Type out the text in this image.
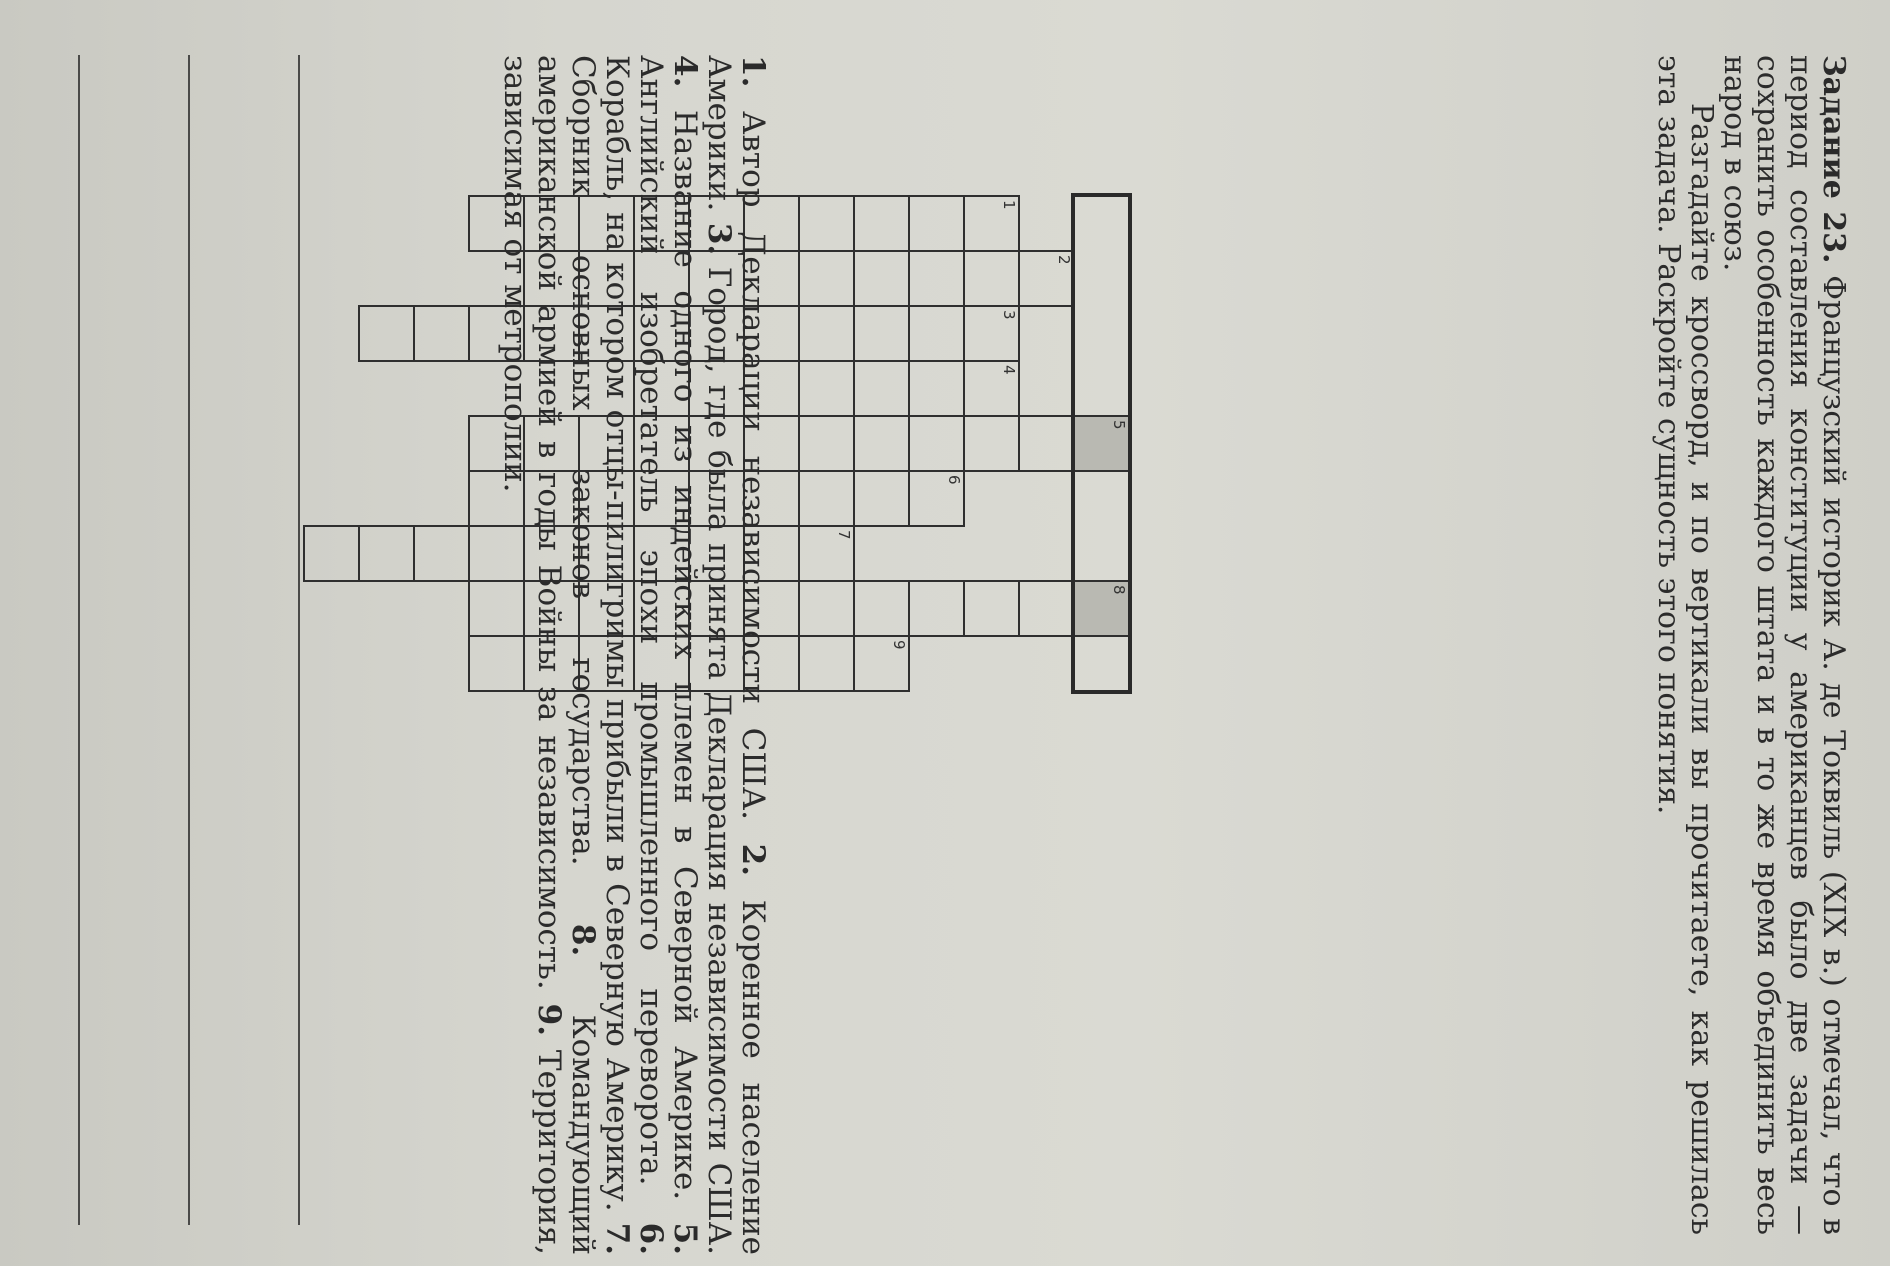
Задание 23. Французский историк А. де Токвиль (XIX в.) отмечал, что в период составления конституции у американцев было две задачи — сохранить особенность каждого штата и в то же время объединить весь народ в союз.

Разгадайте кроссворд, и по вертикали вы прочитаете, как решилась эта задача. Раскройте сущность этого понятия.

1
2
3
4
5
6
7
8
9
1. Автор Декларации независимости США. 2. Коренное население Америки. 3. Город, где была принята Декларация независимости США. 4. Название одного из индейских племен в Северной Америке. 5. Английский изобретатель эпохи промышленного переворота. 6. Корабль, на котором отцы-пилигримы прибыли в Северную Америку. 7. Сборник основных законов государства. 8. Командующий американской армией в годы Войны за независимость. 9. Территория, зависимая от метрополии.
